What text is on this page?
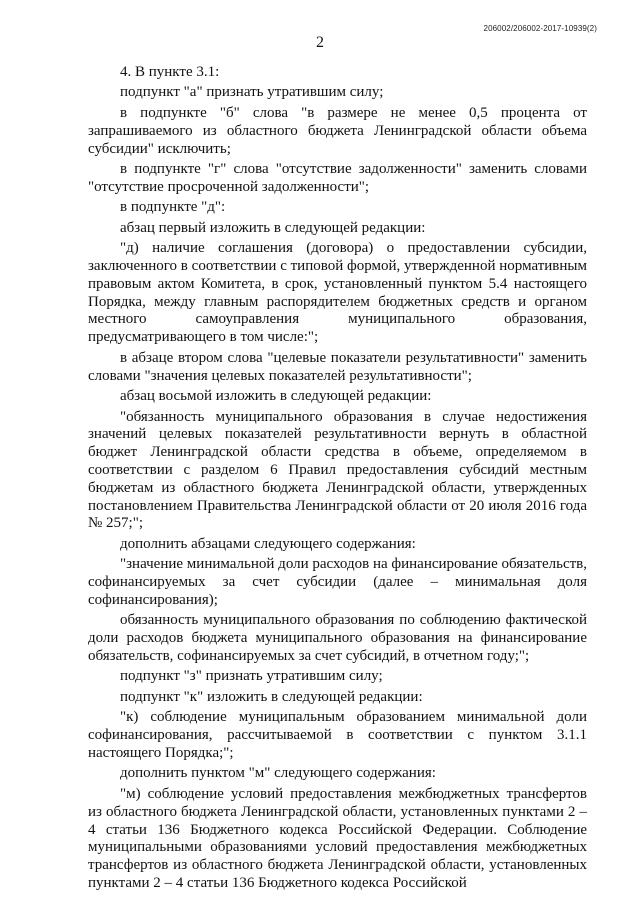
206002/206002-2017-10939(2)
2

4. В пункте 3.1:

подпункт "а" признать утратившим силу;

в подпункте "б" слова "в размере не менее 0,5 процента от запрашиваемого из областного бюджета Ленинградской области объема субсидии" исключить;

в подпункте "г" слова "отсутствие задолженности" заменить словами "отсутствие просроченной задолженности";

в подпункте "д":

абзац первый изложить в следующей редакции:

"д) наличие соглашения (договора) о предоставлении субсидии, заключенного в соответствии с типовой формой, утвержденной нормативным правовым актом Комитета, в срок, установленный пунктом 5.4 настоящего Порядка, между главным распорядителем бюджетных средств и органом местного самоуправления муниципального образования, предусматривающего в том числе:";

в абзаце втором слова "целевые показатели результативности" заменить словами "значения целевых показателей результативности";

абзац восьмой изложить в следующей редакции:

"обязанность муниципального образования в случае недостижения значений целевых показателей результативности вернуть в областной бюджет Ленинградской области средства в объеме, определяемом в соответствии с разделом 6 Правил предоставления субсидий местным бюджетам из областного бюджета Ленинградской области, утвержденных постановлением Правительства Ленинградской области от 20 июля 2016 года № 257;";

дополнить абзацами следующего содержания:

"значение минимальной доли расходов на финансирование обязательств, софинансируемых за счет субсидии (далее – минимальная доля софинансирования);

обязанность муниципального образования по соблюдению фактической доли расходов бюджета муниципального образования на финансирование обязательств, софинансируемых за счет субсидий, в отчетном году;";

подпункт "з" признать утратившим силу;

подпункт "к" изложить в следующей редакции:

"к) соблюдение муниципальным образованием минимальной доли софинансирования, рассчитываемой в соответствии с пунктом 3.1.1 настоящего Порядка;";

дополнить пунктом "м" следующего содержания:

"м) соблюдение условий предоставления межбюджетных трансфертов из областного бюджета Ленинградской области, установленных пунктами 2 – 4 статьи 136 Бюджетного кодекса Российской Федерации. Соблюдение муниципальными образованиями условий предоставления межбюджетных трансфертов из областного бюджета Ленинградской области, установленных пунктами 2 – 4 статьи 136 Бюджетного кодекса Российской
